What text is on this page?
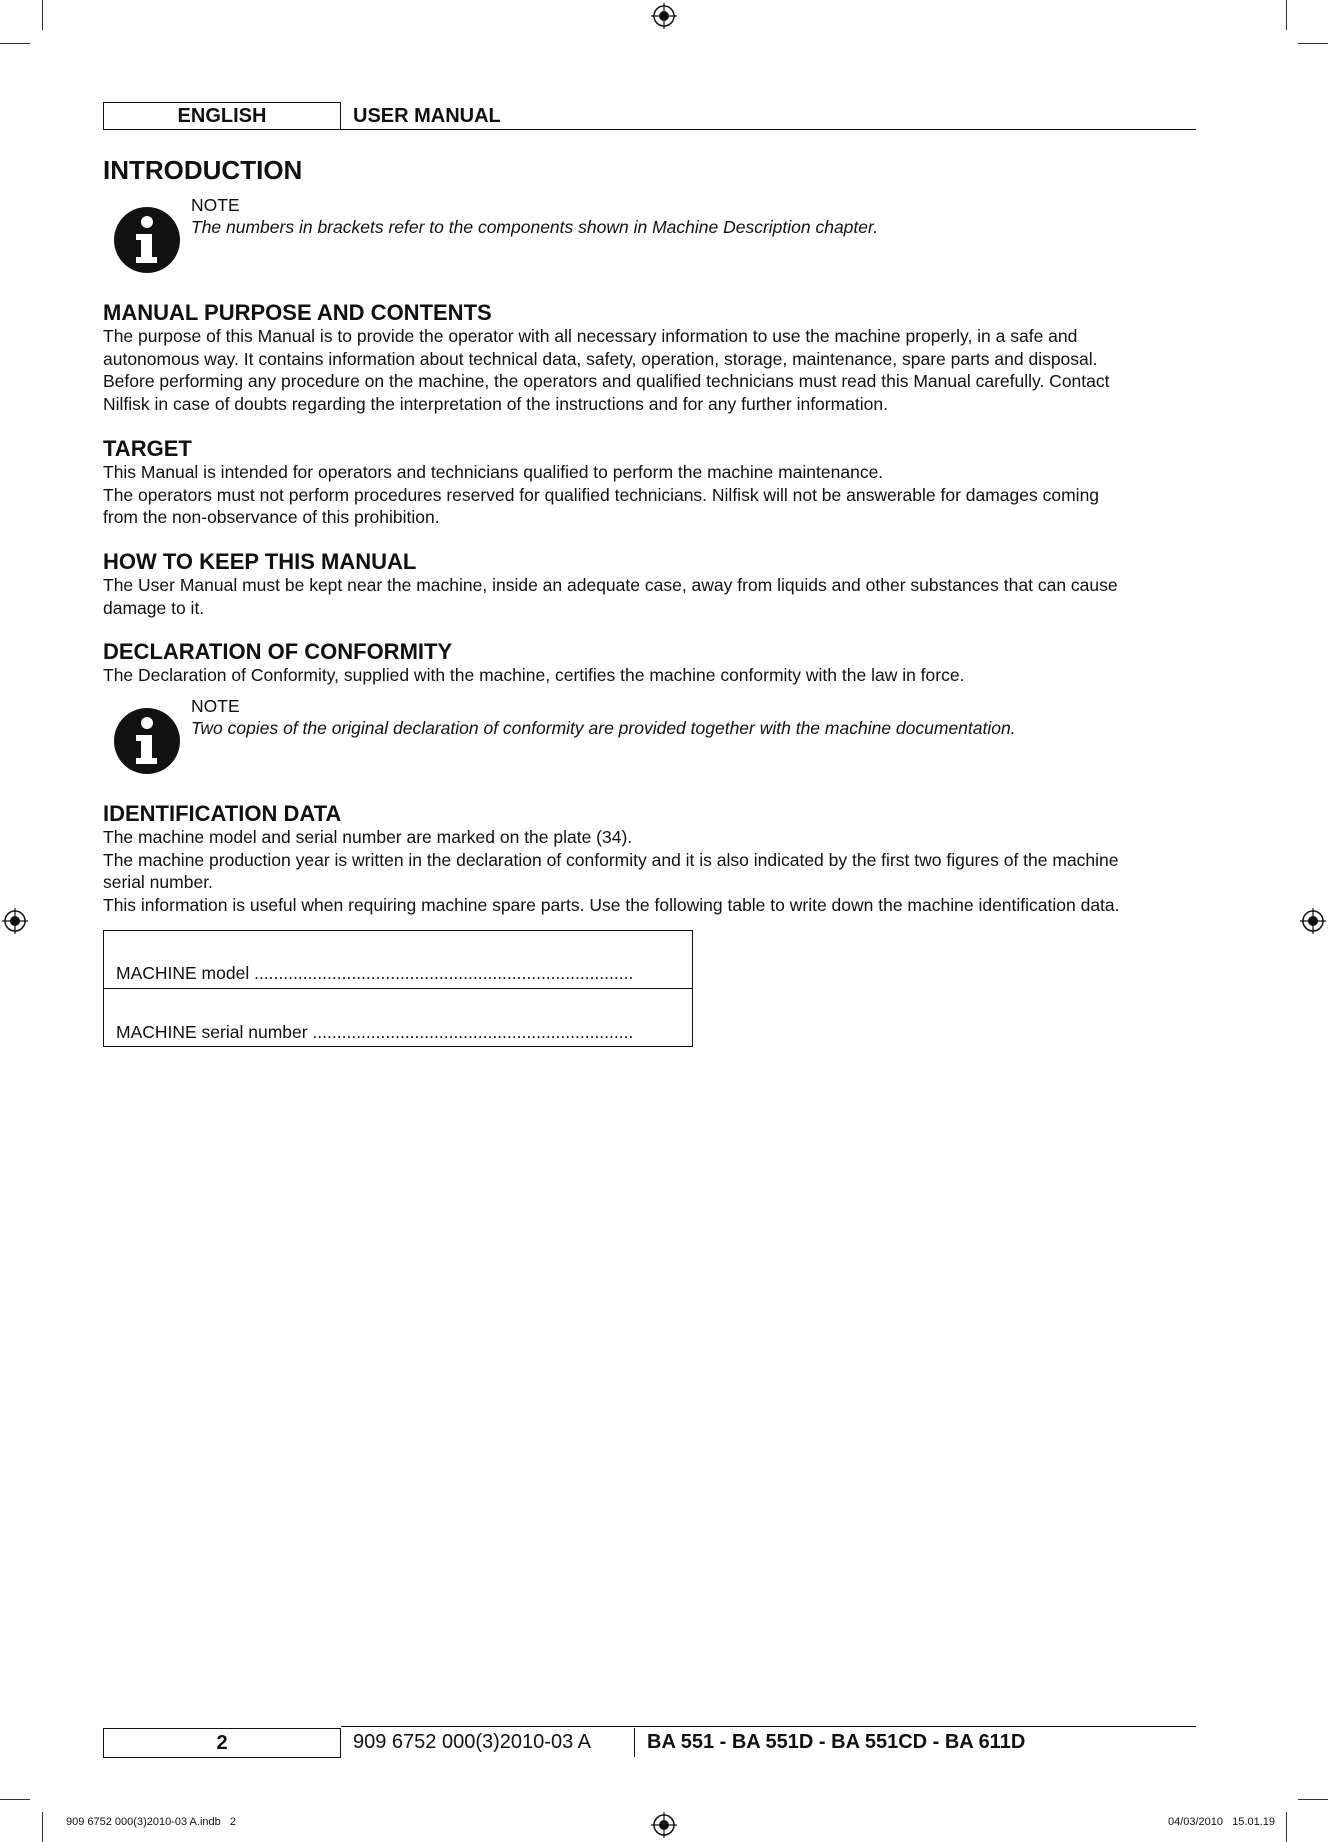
ENGLISH	USER MANUAL
INTRODUCTION
NOTE
The numbers in brackets refer to the components shown in Machine Description chapter.
MANUAL PURPOSE AND CONTENTS
The purpose of this Manual is to provide the operator with all necessary information to use the machine properly, in a safe and
autonomous way. It contains information about technical data, safety, operation, storage, maintenance, spare parts and disposal.
Before performing any procedure on the machine, the operators and qualified technicians must read this Manual carefully. Contact
Nilfisk in case of doubts regarding the interpretation of the instructions and for any further information.
TARGET
This Manual is intended for operators and technicians qualified to perform the machine maintenance.
The operators must not perform procedures reserved for qualified technicians. Nilfisk will not be answerable for damages coming
from the non-observance of this prohibition.
HOW TO KEEP THIS MANUAL
The User Manual must be kept near the machine, inside an adequate case, away from liquids and other substances that can cause
damage to it.
DECLARATION OF CONFORMITY
The Declaration of Conformity, supplied with the machine, certifies the machine conformity with the law in force.
NOTE
Two copies of the original declaration of conformity are provided together with the machine documentation.
IDENTIFICATION DATA
The machine model and serial number are marked on the plate (34).
The machine production year is written in the declaration of conformity and it is also indicated by the first two figures of the machine
serial number.
This information is useful when requiring machine spare parts. Use the following table to write down the machine identification data.
MACHINE model ..............................................................................
MACHINE serial number ..................................................................
2	909 6752 000(3)2010-03 A	BA 551 - BA 551D - BA 551CD - BA 611D
909 6752 000(3)2010-03 A.indb   2	04/03/2010   15.01.19
